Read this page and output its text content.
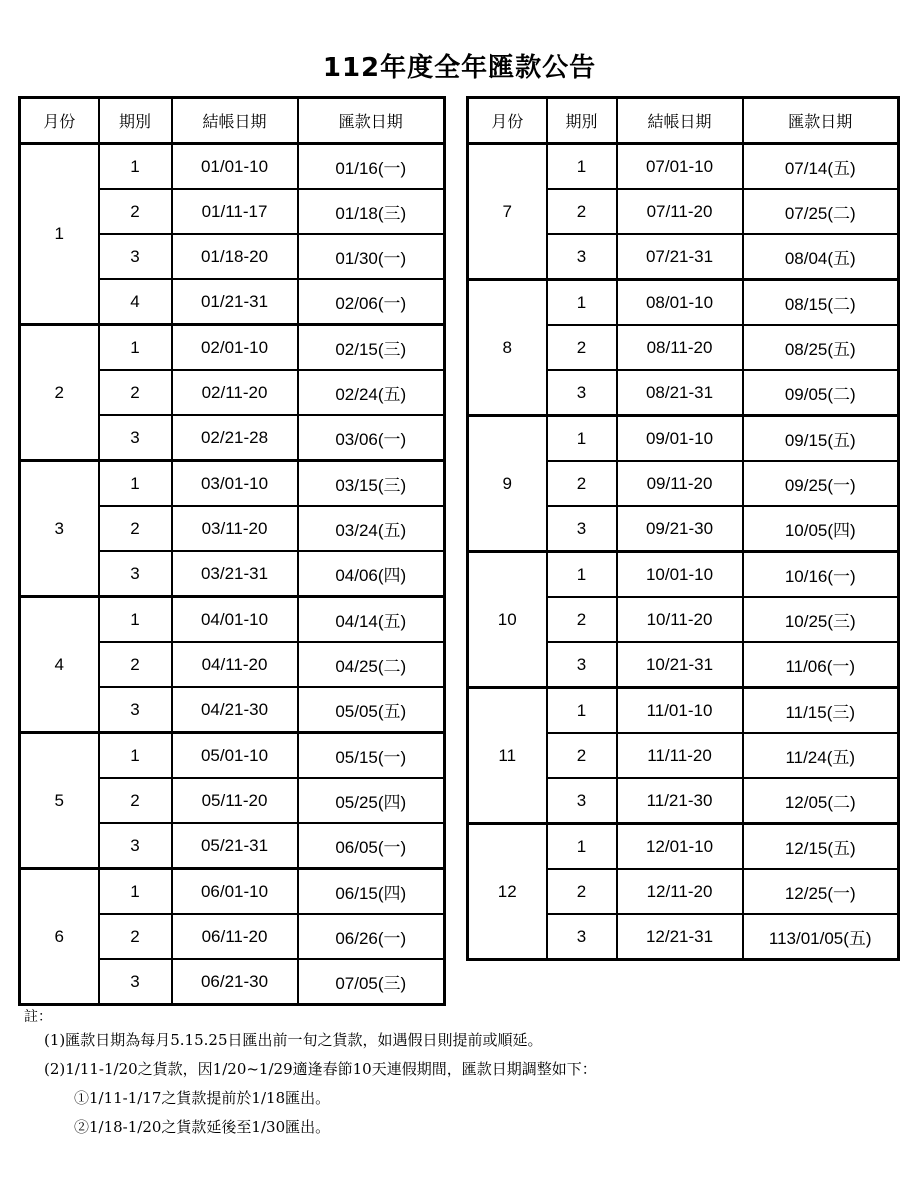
112年度全年匯款公告
月份	期別	結帳日期	匯款日期
1	1	01/01-10	01/16(一)
	2	01/11-17	01/18(三)
	3	01/18-20	01/30(一)
	4	01/21-31	02/06(一)
2	1	02/01-10	02/15(三)
	2	02/11-20	02/24(五)
	3	02/21-28	03/06(一)
3	1	03/01-10	03/15(三)
	2	03/11-20	03/24(五)
	3	03/21-31	04/06(四)
4	1	04/01-10	04/14(五)
	2	04/11-20	04/25(二)
	3	04/21-30	05/05(五)
5	1	05/01-10	05/15(一)
	2	05/11-20	05/25(四)
	3	05/21-31	06/05(一)
6	1	06/01-10	06/15(四)
	2	06/11-20	06/26(一)
	3	06/21-30	07/05(三)
月份	期別	結帳日期	匯款日期
7	1	07/01-10	07/14(五)
	2	07/11-20	07/25(二)
	3	07/21-31	08/04(五)
8	1	08/01-10	08/15(二)
	2	08/11-20	08/25(五)
	3	08/21-31	09/05(二)
9	1	09/01-10	09/15(五)
	2	09/11-20	09/25(一)
	3	09/21-30	10/05(四)
10	1	10/01-10	10/16(一)
	2	10/11-20	10/25(三)
	3	10/21-31	11/06(一)
11	1	11/01-10	11/15(三)
	2	11/11-20	11/24(五)
	3	11/21-30	12/05(二)
12	1	12/01-10	12/15(五)
	2	12/11-20	12/25(一)
	3	12/21-31	113/01/05(五)
註：
(1)匯款日期為每月5.15.25日匯出前一旬之貨款，如遇假日則提前或順延。
(2)1/11-1/20之貨款，因1/20~1/29適逢春節10天連假期間，匯款日期調整如下：
①1/11-1/17之貨款提前於1/18匯出。
②1/18-1/20之貨款延後至1/30匯出。
